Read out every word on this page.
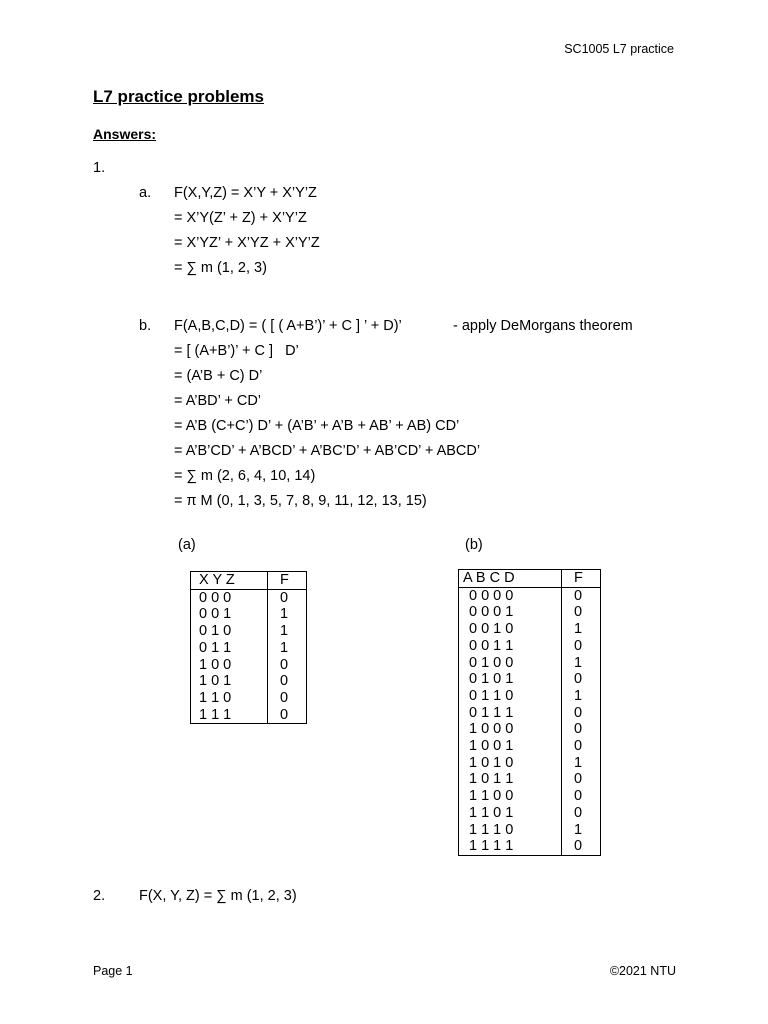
SC1005 L7 practice
L7 practice problems
Answers:
1.
a. F(X,Y,Z) = X’Y + X’Y’Z
= X’Y(Z’ + Z) + X’Y’Z
= X’YZ’ + X’YZ + X’Y’Z
= ∑ m (1, 2, 3)
b. F(A,B,C,D) = ( [ ( A+B’)’ + C ] ’ + D)’	- apply DeMorgans theorem
= [ (A+B’)’ + C ]   D’
= (A’B + C) D’
= A’BD’ + CD’
= A’B (C+C’) D’ + (A’B’ + A’B + AB’ + AB) CD’
= A’B’CD’ + A’BCD’ + A’BC’D’ + AB’CD’ + ABCD’
= ∑ m (2, 6, 4, 10, 14)
= π M (0, 1, 3, 5, 7, 8, 9, 11, 12, 13, 15)
(a)	(b)
X Y Z	F
0 0 0	0
0 0 1	1
0 1 0	1
0 1 1	1
1 0 0	0
1 0 1	0
1 1 0	0
1 1 1	0
A B C D	F
0 0 0 0	0
0 0 0 1	0
0 0 1 0	1
0 0 1 1	0
0 1 0 0	1
0 1 0 1	0
0 1 1 0	1
0 1 1 1	0
1 0 0 0	0
1 0 0 1	0
1 0 1 0	1
1 0 1 1	0
1 1 0 0	0
1 1 0 1	0
1 1 1 0	1
1 1 1 1	0
2. F(X, Y, Z) = ∑ m (1, 2, 3)
Page 1	©2021 NTU
